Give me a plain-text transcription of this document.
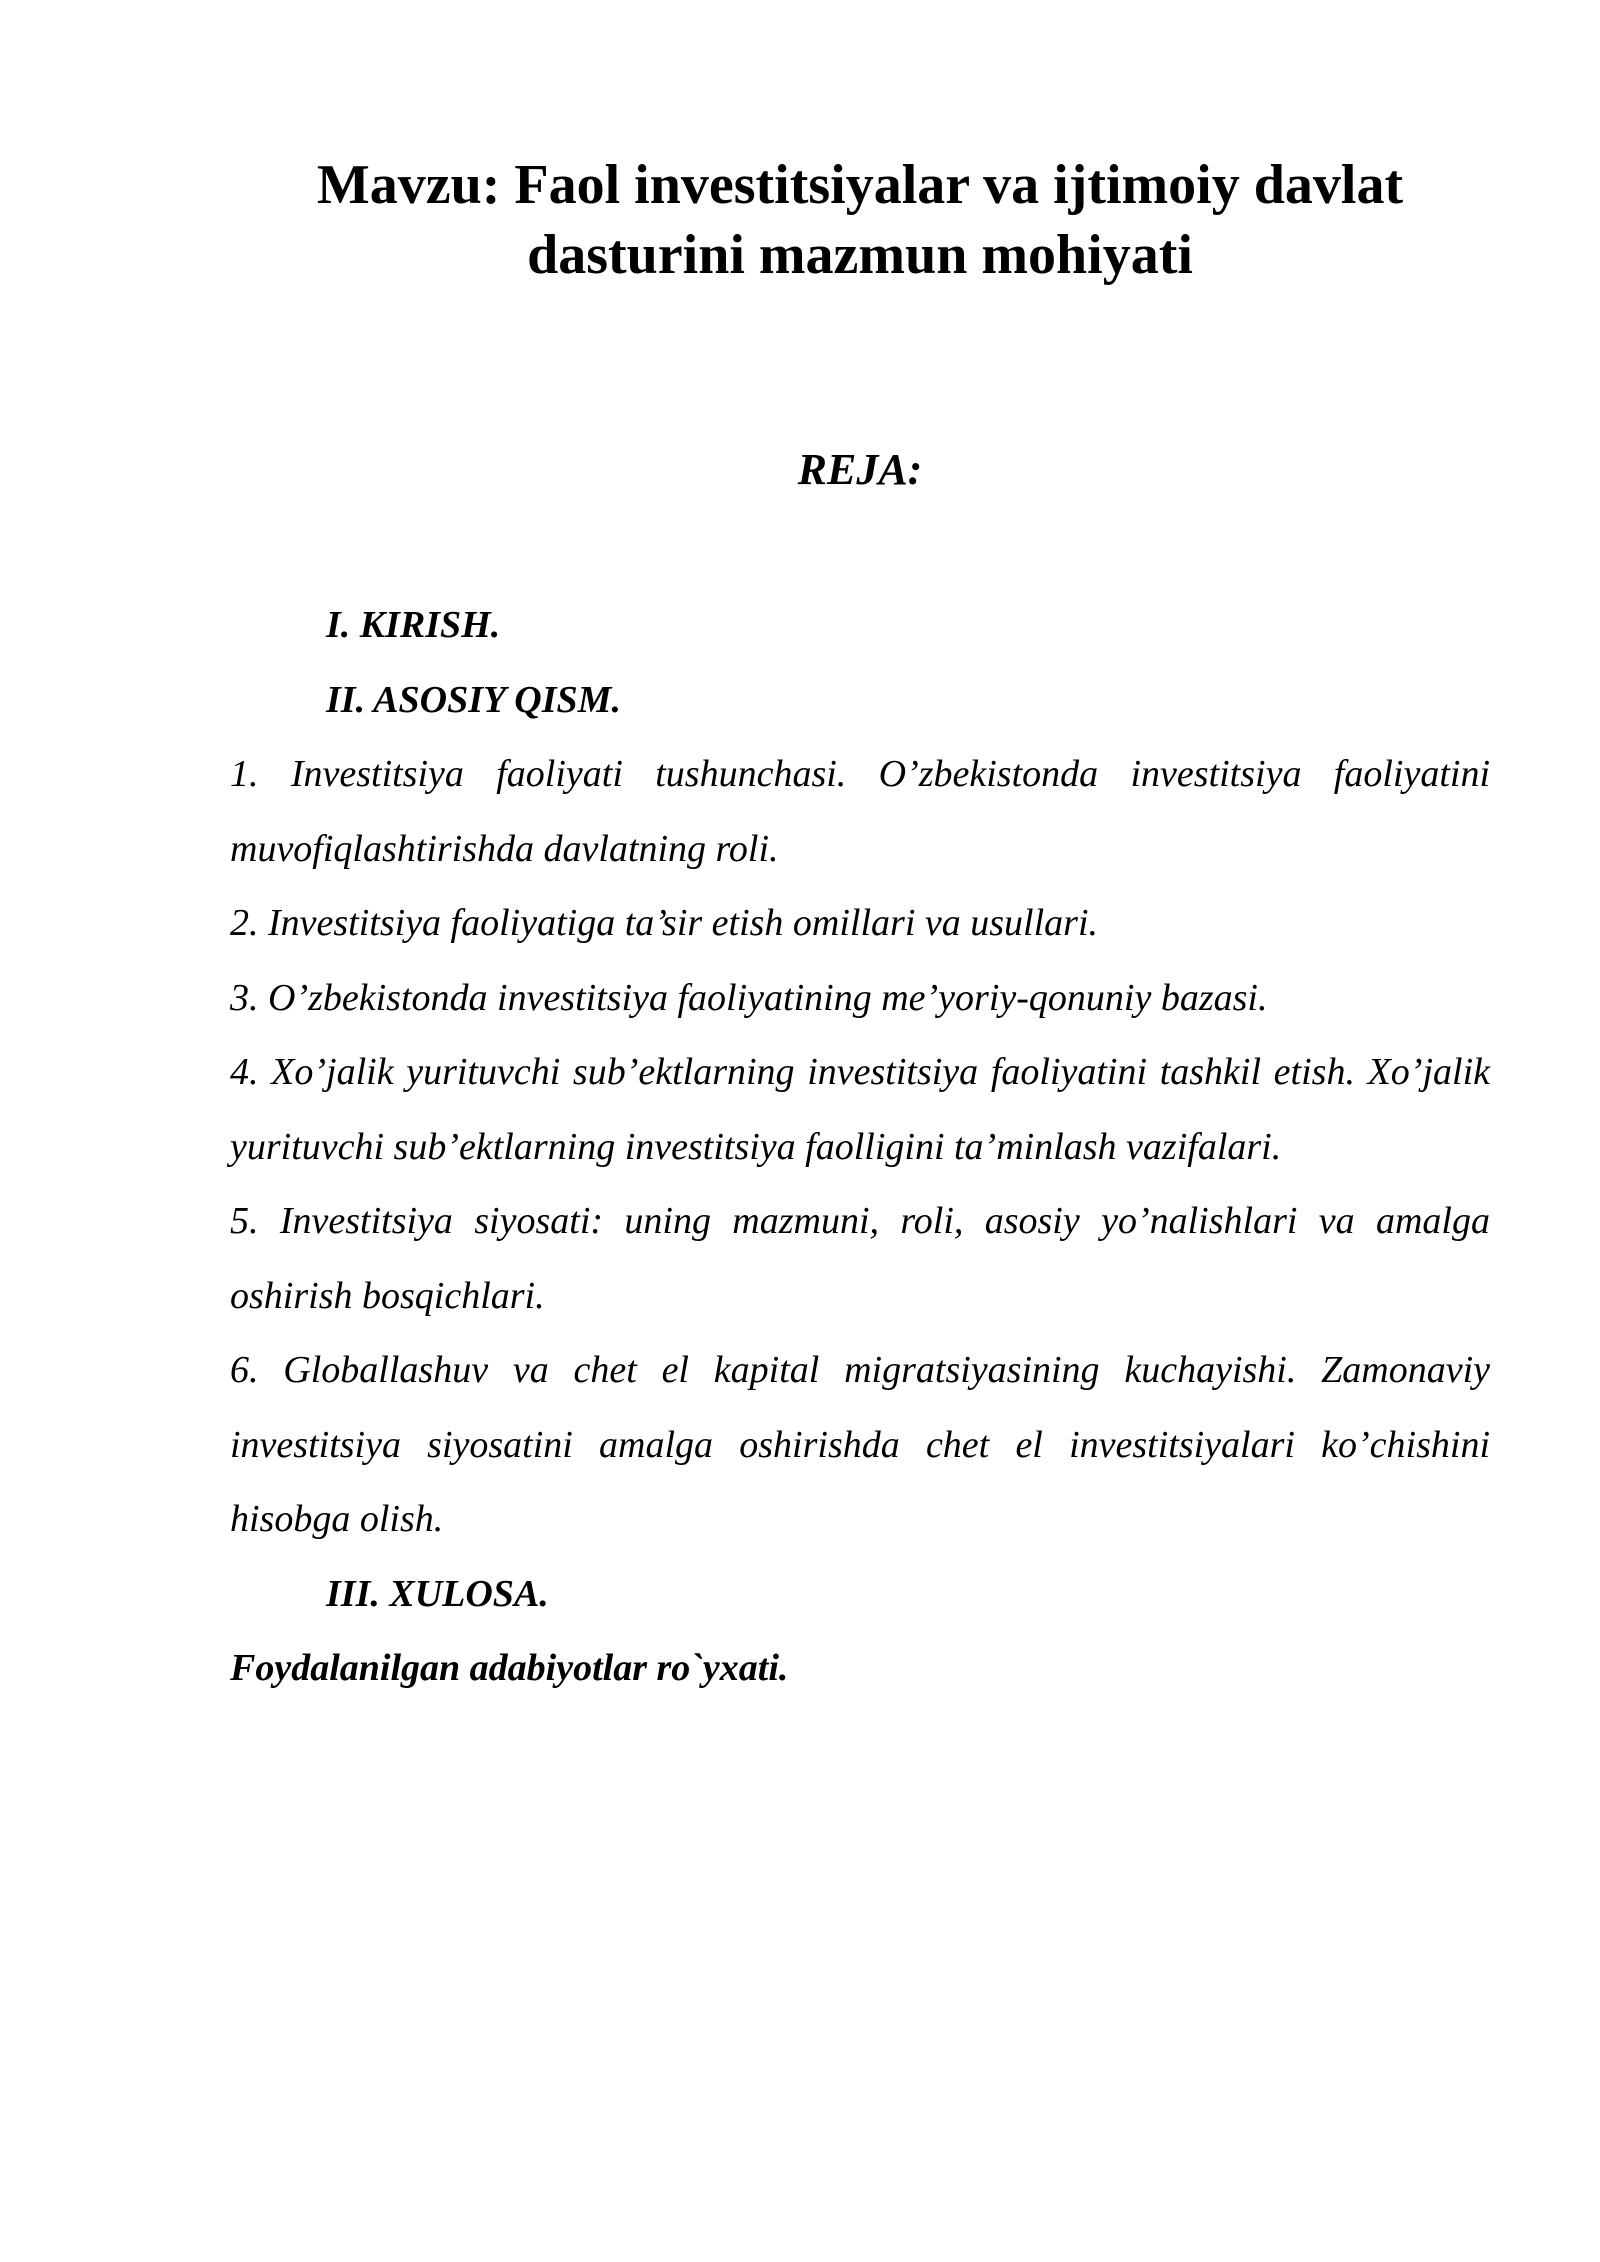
Mavzu: Faol investitsiyalar va ijtimoiy davlat dasturini mazmun mohiyati
REJA:
I. KIRISH.
II. ASOSIY QISM.
1. Investitsiya faoliyati tushunchasi. O’zbekistonda investitsiya faoliyatini muvofiqlashtirishda davlatning roli.
2. Investitsiya faoliyatiga ta’sir etish omillari va usullari.
3. O’zbekistonda investitsiya faoliyatining me’yoriy-qonuniy bazasi.
4. Xo’jalik yurituvchi sub’ektlarning investitsiya faoliyatini tashkil etish. Xo’jalik yurituvchi sub’ektlarning investitsiya faolligini ta’minlash vazifalari.
5. Investitsiya siyosati: uning mazmuni, roli, asosiy yo’nalishlari va amalga oshirish bosqichlari.
6. Globallashuv va chet el kapital migratsiyasining kuchayishi. Zamonaviy investitsiya siyosatini amalga oshirishda chet el investitsiyalari ko’chishini hisobga olish.
III. XULOSA.
Foydalanilgan adabiyotlar ro`yxati.
